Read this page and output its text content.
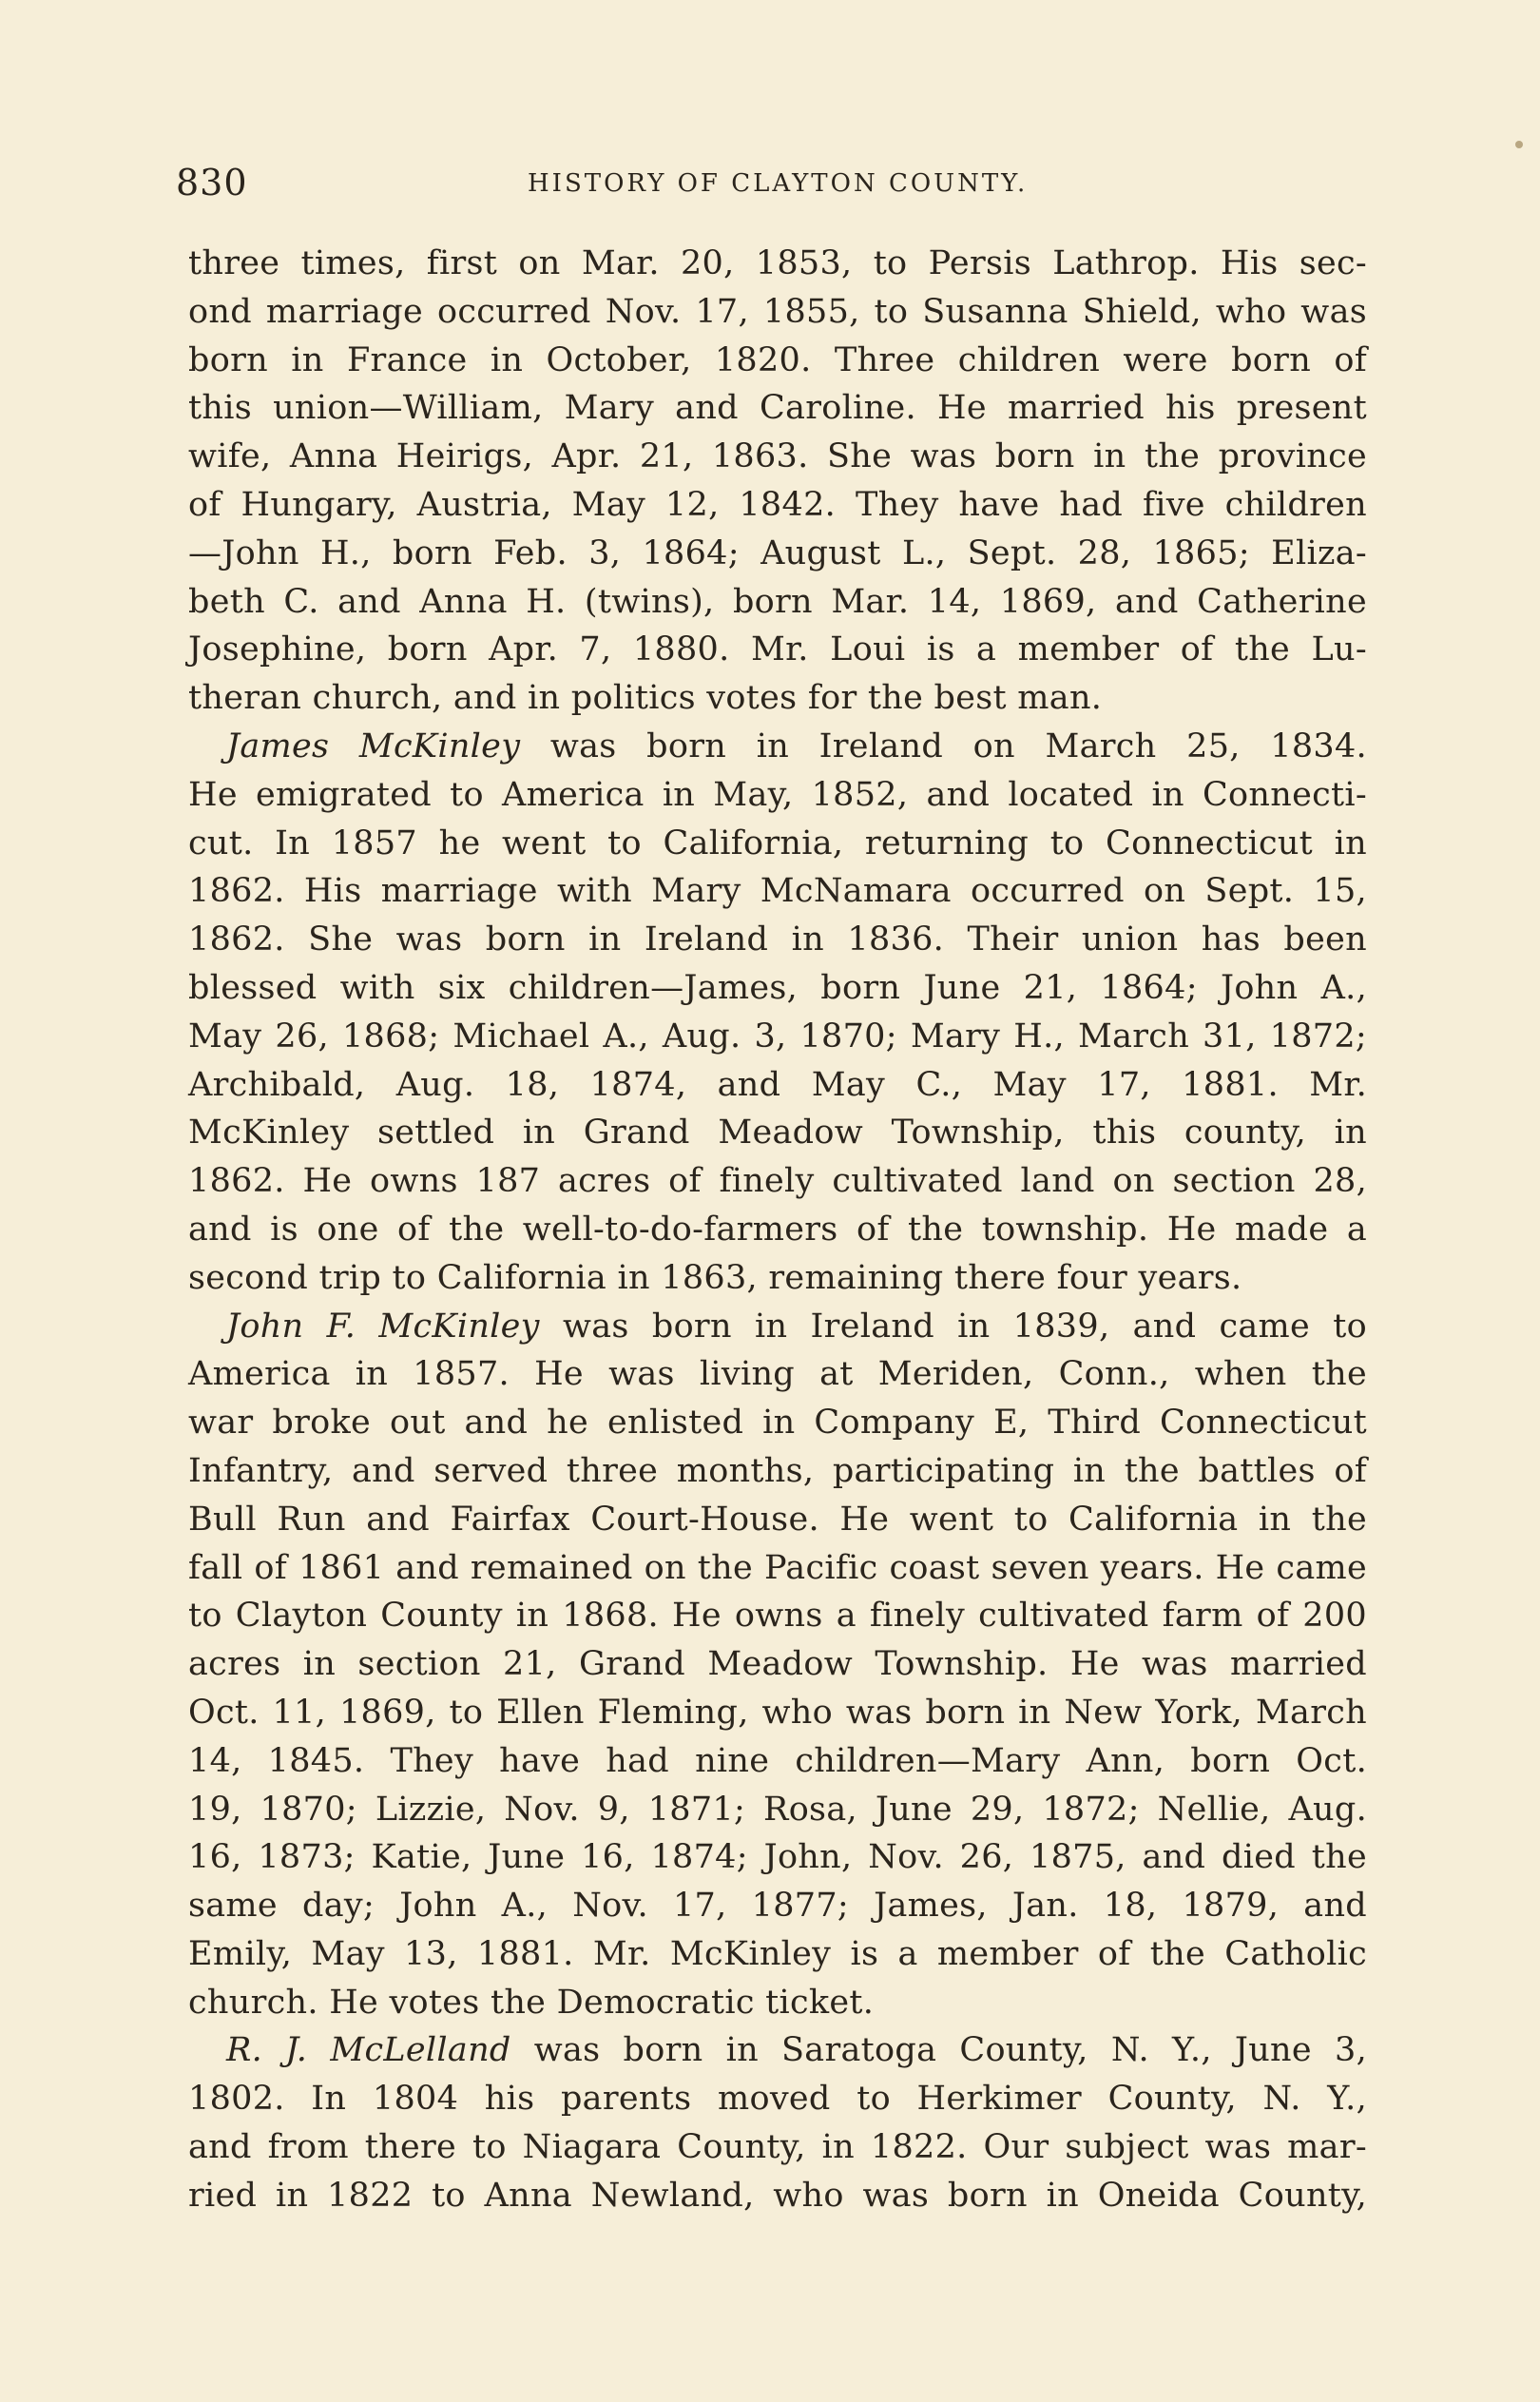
830	HISTORY OF CLAYTON COUNTY.
three times, first on Mar. 20, 1853, to Persis Lathrop. His sec-
ond marriage occurred Nov. 17, 1855, to Susanna Shield, who was
born in France in October, 1820. Three children were born of
this union—William, Mary and Caroline. He married his present
wife, Anna Heirigs, Apr. 21, 1863. She was born in the province
of Hungary, Austria, May 12, 1842. They have had five children
—John H., born Feb. 3, 1864; August L., Sept. 28, 1865; Eliza-
beth C. and Anna H. (twins), born Mar. 14, 1869, and Catherine
Josephine, born Apr. 7, 1880. Mr. Loui is a member of the Lu-
theran church, and in politics votes for the best man.
James McKinley was born in Ireland on March 25, 1834.
He emigrated to America in May, 1852, and located in Connecti-
cut. In 1857 he went to California, returning to Connecticut in
1862. His marriage with Mary McNamara occurred on Sept. 15,
1862. She was born in Ireland in 1836. Their union has been
blessed with six children—James, born June 21, 1864; John A.,
May 26, 1868; Michael A., Aug. 3, 1870; Mary H., March 31, 1872;
Archibald, Aug. 18, 1874, and May C., May 17, 1881. Mr.
McKinley settled in Grand Meadow Township, this county, in
1862. He owns 187 acres of finely cultivated land on section 28,
and is one of the well-to-do-farmers of the township. He made a
second trip to California in 1863, remaining there four years.
John F. McKinley was born in Ireland in 1839, and came to
America in 1857. He was living at Meriden, Conn., when the
war broke out and he enlisted in Company E, Third Connecticut
Infantry, and served three months, participating in the battles of
Bull Run and Fairfax Court-House. He went to California in the
fall of 1861 and remained on the Pacific coast seven years. He came
to Clayton County in 1868. He owns a finely cultivated farm of 200
acres in section 21, Grand Meadow Township. He was married
Oct. 11, 1869, to Ellen Fleming, who was born in New York, March
14, 1845. They have had nine children—Mary Ann, born Oct.
19, 1870; Lizzie, Nov. 9, 1871; Rosa, June 29, 1872; Nellie, Aug.
16, 1873; Katie, June 16, 1874; John, Nov. 26, 1875, and died the
same day; John A., Nov. 17, 1877; James, Jan. 18, 1879, and
Emily, May 13, 1881. Mr. McKinley is a member of the Catholic
church. He votes the Democratic ticket.
R. J. McLelland was born in Saratoga County, N. Y., June 3,
1802. In 1804 his parents moved to Herkimer County, N. Y.,
and from there to Niagara County, in 1822. Our subject was mar-
ried in 1822 to Anna Newland, who was born in Oneida County,
